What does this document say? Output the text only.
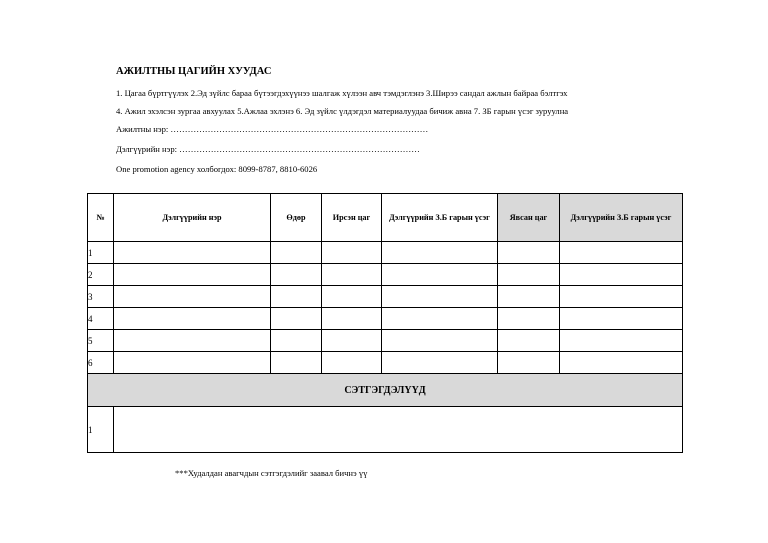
АЖИЛТНЫ ЦАГИЙН ХУУДАС
1. Цагаа бүртгүүлэх 2.Эд зүйлс бараа бүтээгдэхүүнээ шалгаж хүлээн авч тэмдэглэнэ 3.Ширээ сандал ажлын байраа бэлтгэх
4. Ажил эхэлсэн зургаа авхуулах 5.Ажлаа эхлэнэ 6. Эд зүйлс үлдэгдэл материалуудаа бичиж авна 7. ЗБ гарын үсэг зуруулна
Ажилтны нэр: ………………………………………………………………………………
Дэлгүүрийн нэр: …………………………………………………………………………
One promotion agency холбогдох: 8099-8787, 8810-6026
№	Дэлгүүрийн нэр	Өдөр	Ирсэн цаг	Дэлгүүрийн З.Б гарын үсэг	Явсан цаг	Дэлгүүрийн З.Б гарын үсэг
1						
2						
3						
4						
5						
6						
СЭТГЭГДЭЛҮҮД						
1						
***Худалдан авагчдын сэтгэгдэлийг заавал бичнэ үү
